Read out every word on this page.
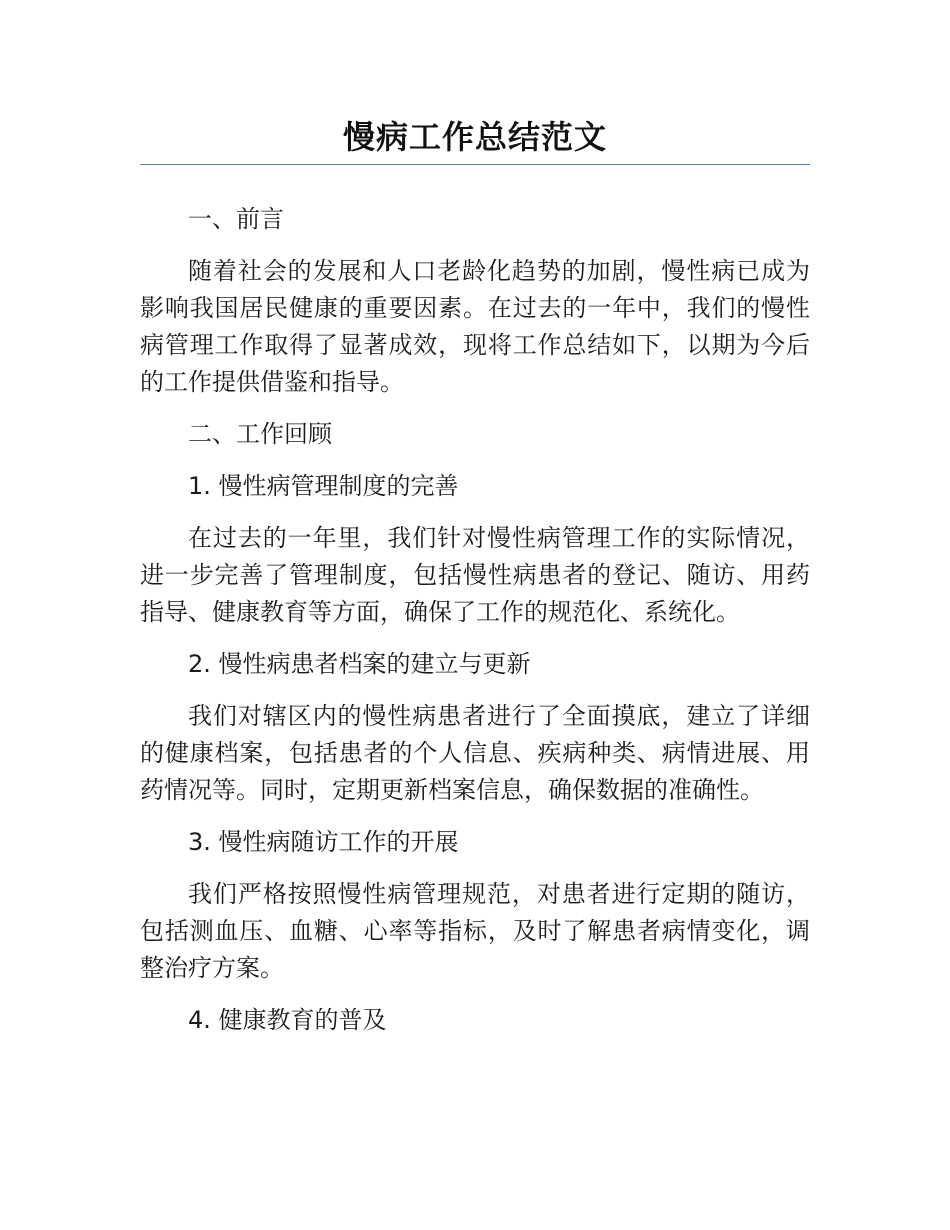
慢病工作总结范文

一、前言

随着社会的发展和人口老龄化趋势的加剧，慢性病已成为影响我国居民健康的重要因素。在过去的一年中，我们的慢性病管理工作取得了显著成效，现将工作总结如下，以期为今后的工作提供借鉴和指导。

二、工作回顾

1. 慢性病管理制度的完善

在过去的一年里，我们针对慢性病管理工作的实际情况，进一步完善了管理制度，包括慢性病患者的登记、随访、用药指导、健康教育等方面，确保了工作的规范化、系统化。

2. 慢性病患者档案的建立与更新

我们对辖区内的慢性病患者进行了全面摸底，建立了详细的健康档案，包括患者的个人信息、疾病种类、病情进展、用药情况等。同时，定期更新档案信息，确保数据的准确性。

3. 慢性病随访工作的开展

我们严格按照慢性病管理规范，对患者进行定期的随访，包括测血压、血糖、心率等指标，及时了解患者病情变化，调整治疗方案。

4. 健康教育的普及
